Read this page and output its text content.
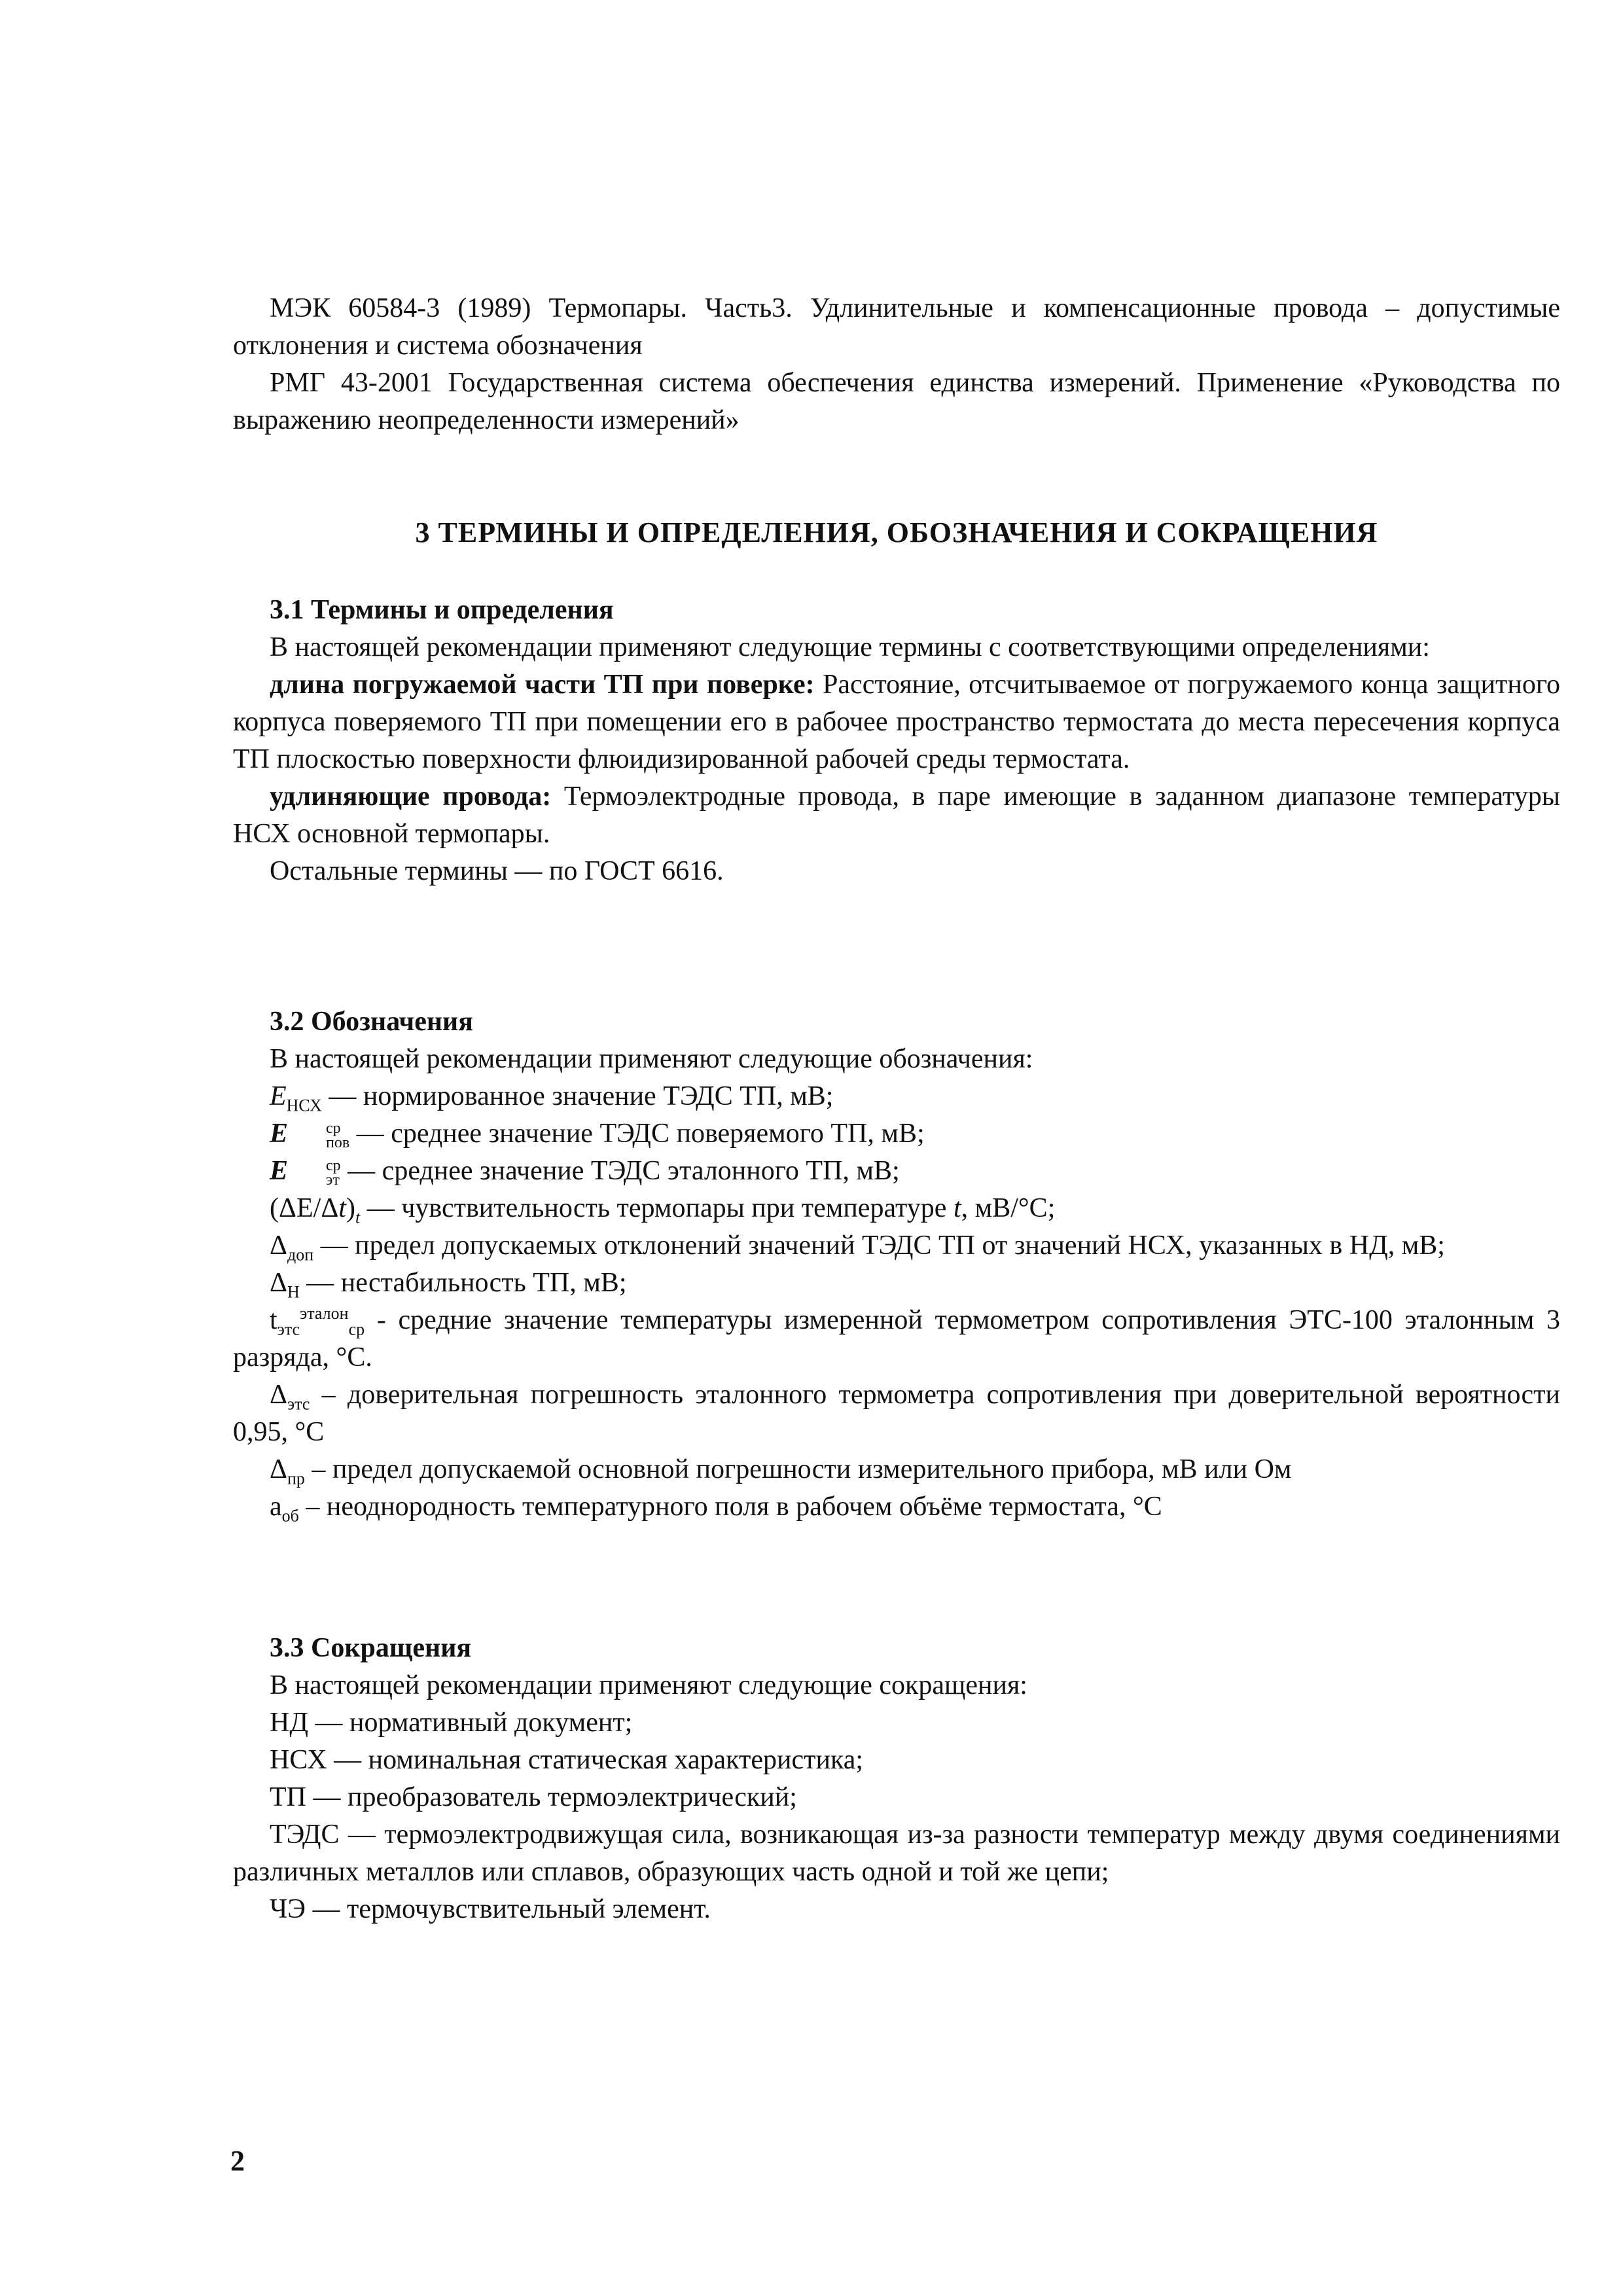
МЭК 60584-3 (1989) Термопары. Часть3. Удлинительные и компенсационные провода – допустимые отклонения и система обозначения

РМГ 43-2001 Государственная система обеспечения единства измерений. Применение «Руководства по выражению неопределенности измерений»

3 ТЕРМИНЫ И ОПРЕДЕЛЕНИЯ, ОБОЗНАЧЕНИЯ И СОКРАЩЕНИЯ

3.1 Термины и определения

В настоящей рекомендации применяют следующие термины с соответствующими определениями:

длина погружаемой части ТП при поверке: Расстояние, отсчитываемое от погружаемого конца защитного корпуса поверяемого ТП при помещении его в рабочее пространство термостата до места пересечения корпуса ТП плоскостью поверхности флюидизированной рабочей среды термостата.

удлиняющие провода: Термоэлектродные провода, в паре имеющие в заданном диапазоне температуры НСХ основной термопары.

Остальные термины — по ГОСТ 6616.

3.2 Обозначения

В настоящей рекомендации применяют следующие обозначения:

$E_{НСХ}$ — нормированное значение ТЭДС ТП, мВ;

E	ср
пов — среднее значение ТЭДС поверяемого ТП, мВ;

E	ср
эт — среднее значение ТЭДС эталонного ТП, мВ;

$(\Delta E/\Delta t)_t$ — чувствительность термопары при температуре t, мВ/°С;

$\Delta_{доп}$ — предел допускаемых отклонений значений ТЭДС ТП от значений НСХ, указанных в НД, мВ;

$\Delta_Н$ — нестабильность ТП, мВ;

$t_{этс}^{эталон}_{ср}$ - средние значение температуры измеренной термометром сопротивления ЭТС-100 эталонным 3 разряда, °С.

$\Delta_{этс}$ – доверительная погрешность эталонного термометра сопротивления при доверительной вероятности 0,95, °С

$\Delta_{пр}$ – предел допускаемой основной погрешности измерительного прибора, мВ или Ом

$a_{об}$ – неоднородность температурного поля в рабочем объёме термостата, °С

3.3 Сокращения

В настоящей рекомендации применяют следующие сокращения:

НД — нормативный документ;

НСХ — номинальная статическая характеристика;

ТП — преобразователь термоэлектрический;

ТЭДС — термоэлектродвижущая сила, возникающая из-за разности температур между двумя соединениями различных металлов или сплавов, образующих часть одной и той же цепи;

ЧЭ — термочувствительный элемент.

2
